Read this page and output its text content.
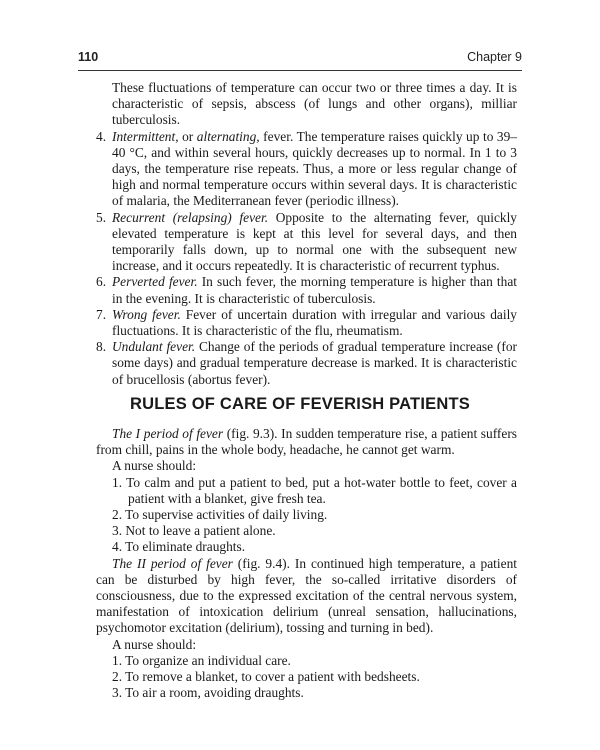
110	Chapter 9

These fluctuations of temperature can occur two or three times a day. It is characteristic of sepsis, abscess (of lungs and other organs), milliar tuberculosis.

4. Intermittent, or alternating, fever. The temperature raises quickly up to 39–40 °C, and within several hours, quickly decreases up to normal. In 1 to 3 days, the temperature rise repeats. Thus, a more or less regular change of high and normal temperature occurs within several days. It is characteristic of malaria, the Mediterranean fever (periodic illness).
5. Recurrent (relapsing) fever. Opposite to the alternating fever, quickly elevated temperature is kept at this level for several days, and then temporarily falls down, up to normal one with the subsequent new increase, and it occurs repeatedly. It is characteristic of recurrent typhus.
6. Perverted fever. In such fever, the morning temperature is higher than that in the evening. It is characteristic of tuberculosis.
7. Wrong fever. Fever of uncertain duration with irregular and various daily fluctuations. It is characteristic of the flu, rheumatism.
8. Undulant fever. Change of the periods of gradual temperature increase (for some days) and gradual temperature decrease is marked. It is characteristic of brucellosis (abortus fever).
RULES OF CARE OF FEVERISH PATIENTS

The I period of fever (fig. 9.3). In sudden temperature rise, a patient suffers from chill, pains in the whole body, headache, he cannot get warm.

A nurse should:

1. To calm and put a patient to bed, put a hot-water bottle to feet, cover a patient with a blanket, give fresh tea.
2. To supervise activities of daily living.
3. Not to leave a patient alone.
4. To eliminate draughts.

The II period of fever (fig. 9.4). In continued high temperature, a patient can be disturbed by high fever, the so-called irritative disorders of consciousness, due to the expressed excitation of the central nervous system, manifestation of intoxication delirium (unreal sensation, hallucinations, psychomotor excitation (delirium), tossing and turning in bed).

A nurse should:

1. To organize an individual care.
2. To remove a blanket, to cover a patient with bedsheets.
3. To air a room, avoiding draughts.
